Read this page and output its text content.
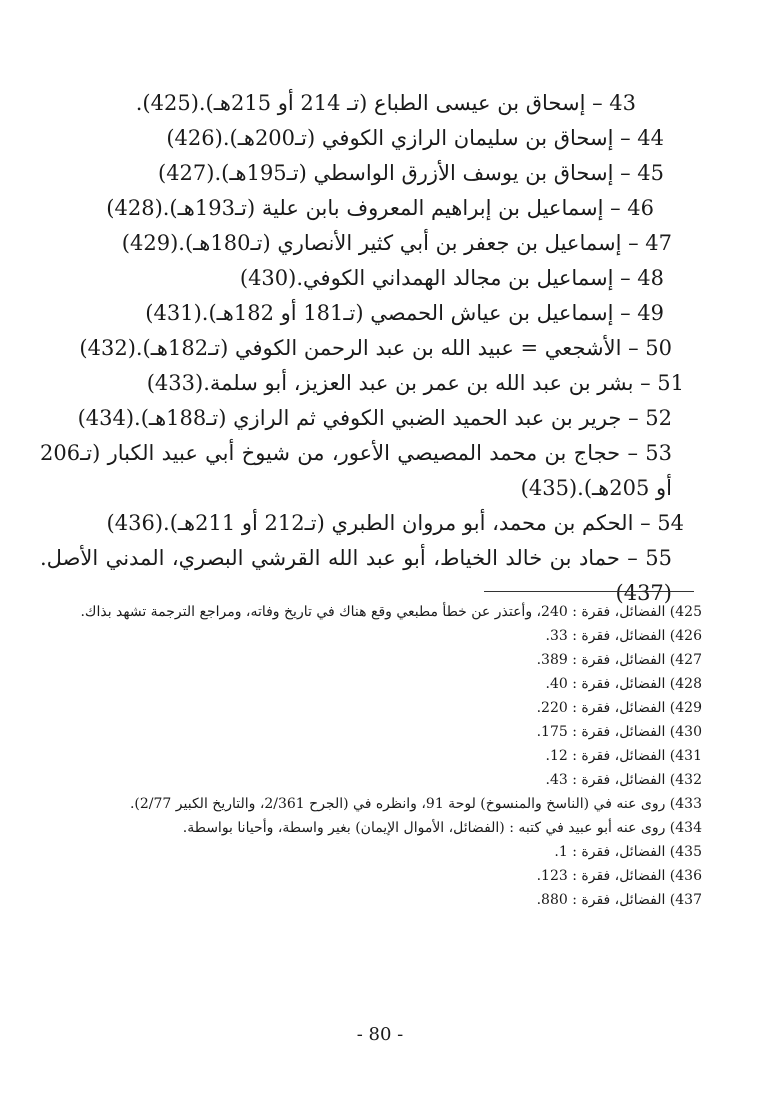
43 – إسحاق بن عيسى الطباع (تـ 214 أو 215هـ).(425).
44 – إسحاق بن سليمان الرازي الكوفي (تـ200هـ).(426)
45 – إسحاق بن يوسف الأزرق الواسطي (تـ195هـ).(427)
46 – إسماعيل بن إبراهيم المعروف بابن علية (تـ193هـ).(428)
47 – إسماعيل بن جعفر بن أبي كثير الأنصاري (تـ180هـ).(429)
48 – إسماعيل بن مجالد الهمداني الكوفي.(430)
49 – إسماعيل بن عياش الحمصي (تـ181 أو 182هـ).(431)
50 – الأشجعي = عبيد الله بن عبد الرحمن الكوفي (تـ182هـ).(432)
51 – بشر بن عبد الله بن عمر بن عبد العزيز، أبو سلمة.(433)
52 – جرير بن عبد الحميد الضبي الكوفي ثم الرازي (تـ188هـ).(434)
53 – حجاج بن محمد المصيصي الأعور، من شيوخ أبي عبيد الكبار (تـ206 أو 205هـ).(435)
54 – الحكم بن محمد، أبو مروان الطبري (تـ212 أو 211هـ).(436)
55 – حماد بن خالد الخياط، أبو عبد الله القرشي البصري، المدني الأصل.(437)
425) الفضائل، فقرة : 240، وأعتذر عن خطأ مطبعي وقع هناك في تاريخ وفاته، ومراجع الترجمة تشهد بذاك.
426) الفضائل، فقرة : 33.
427) الفضائل، فقرة : 389.
428) الفضائل، فقرة : 40.
429) الفضائل، فقرة : 220.
430) الفضائل، فقرة : 175.
431) الفضائل، فقرة : 12.
432) الفضائل، فقرة : 43.
433) روى عنه في (الناسخ والمنسوخ) لوحة 91، وانظره في (الجرح 2/361، والتاريخ الكبير 2/77).
434) روى عنه أبو عبيد في كتبه : (الفضائل، الأموال الإيمان) بغير واسطة، وأحيانا بواسطة.
435) الفضائل، فقرة : 1.
436) الفضائل، فقرة : 123.
437) الفضائل، فقرة : 880.
- 80 -
